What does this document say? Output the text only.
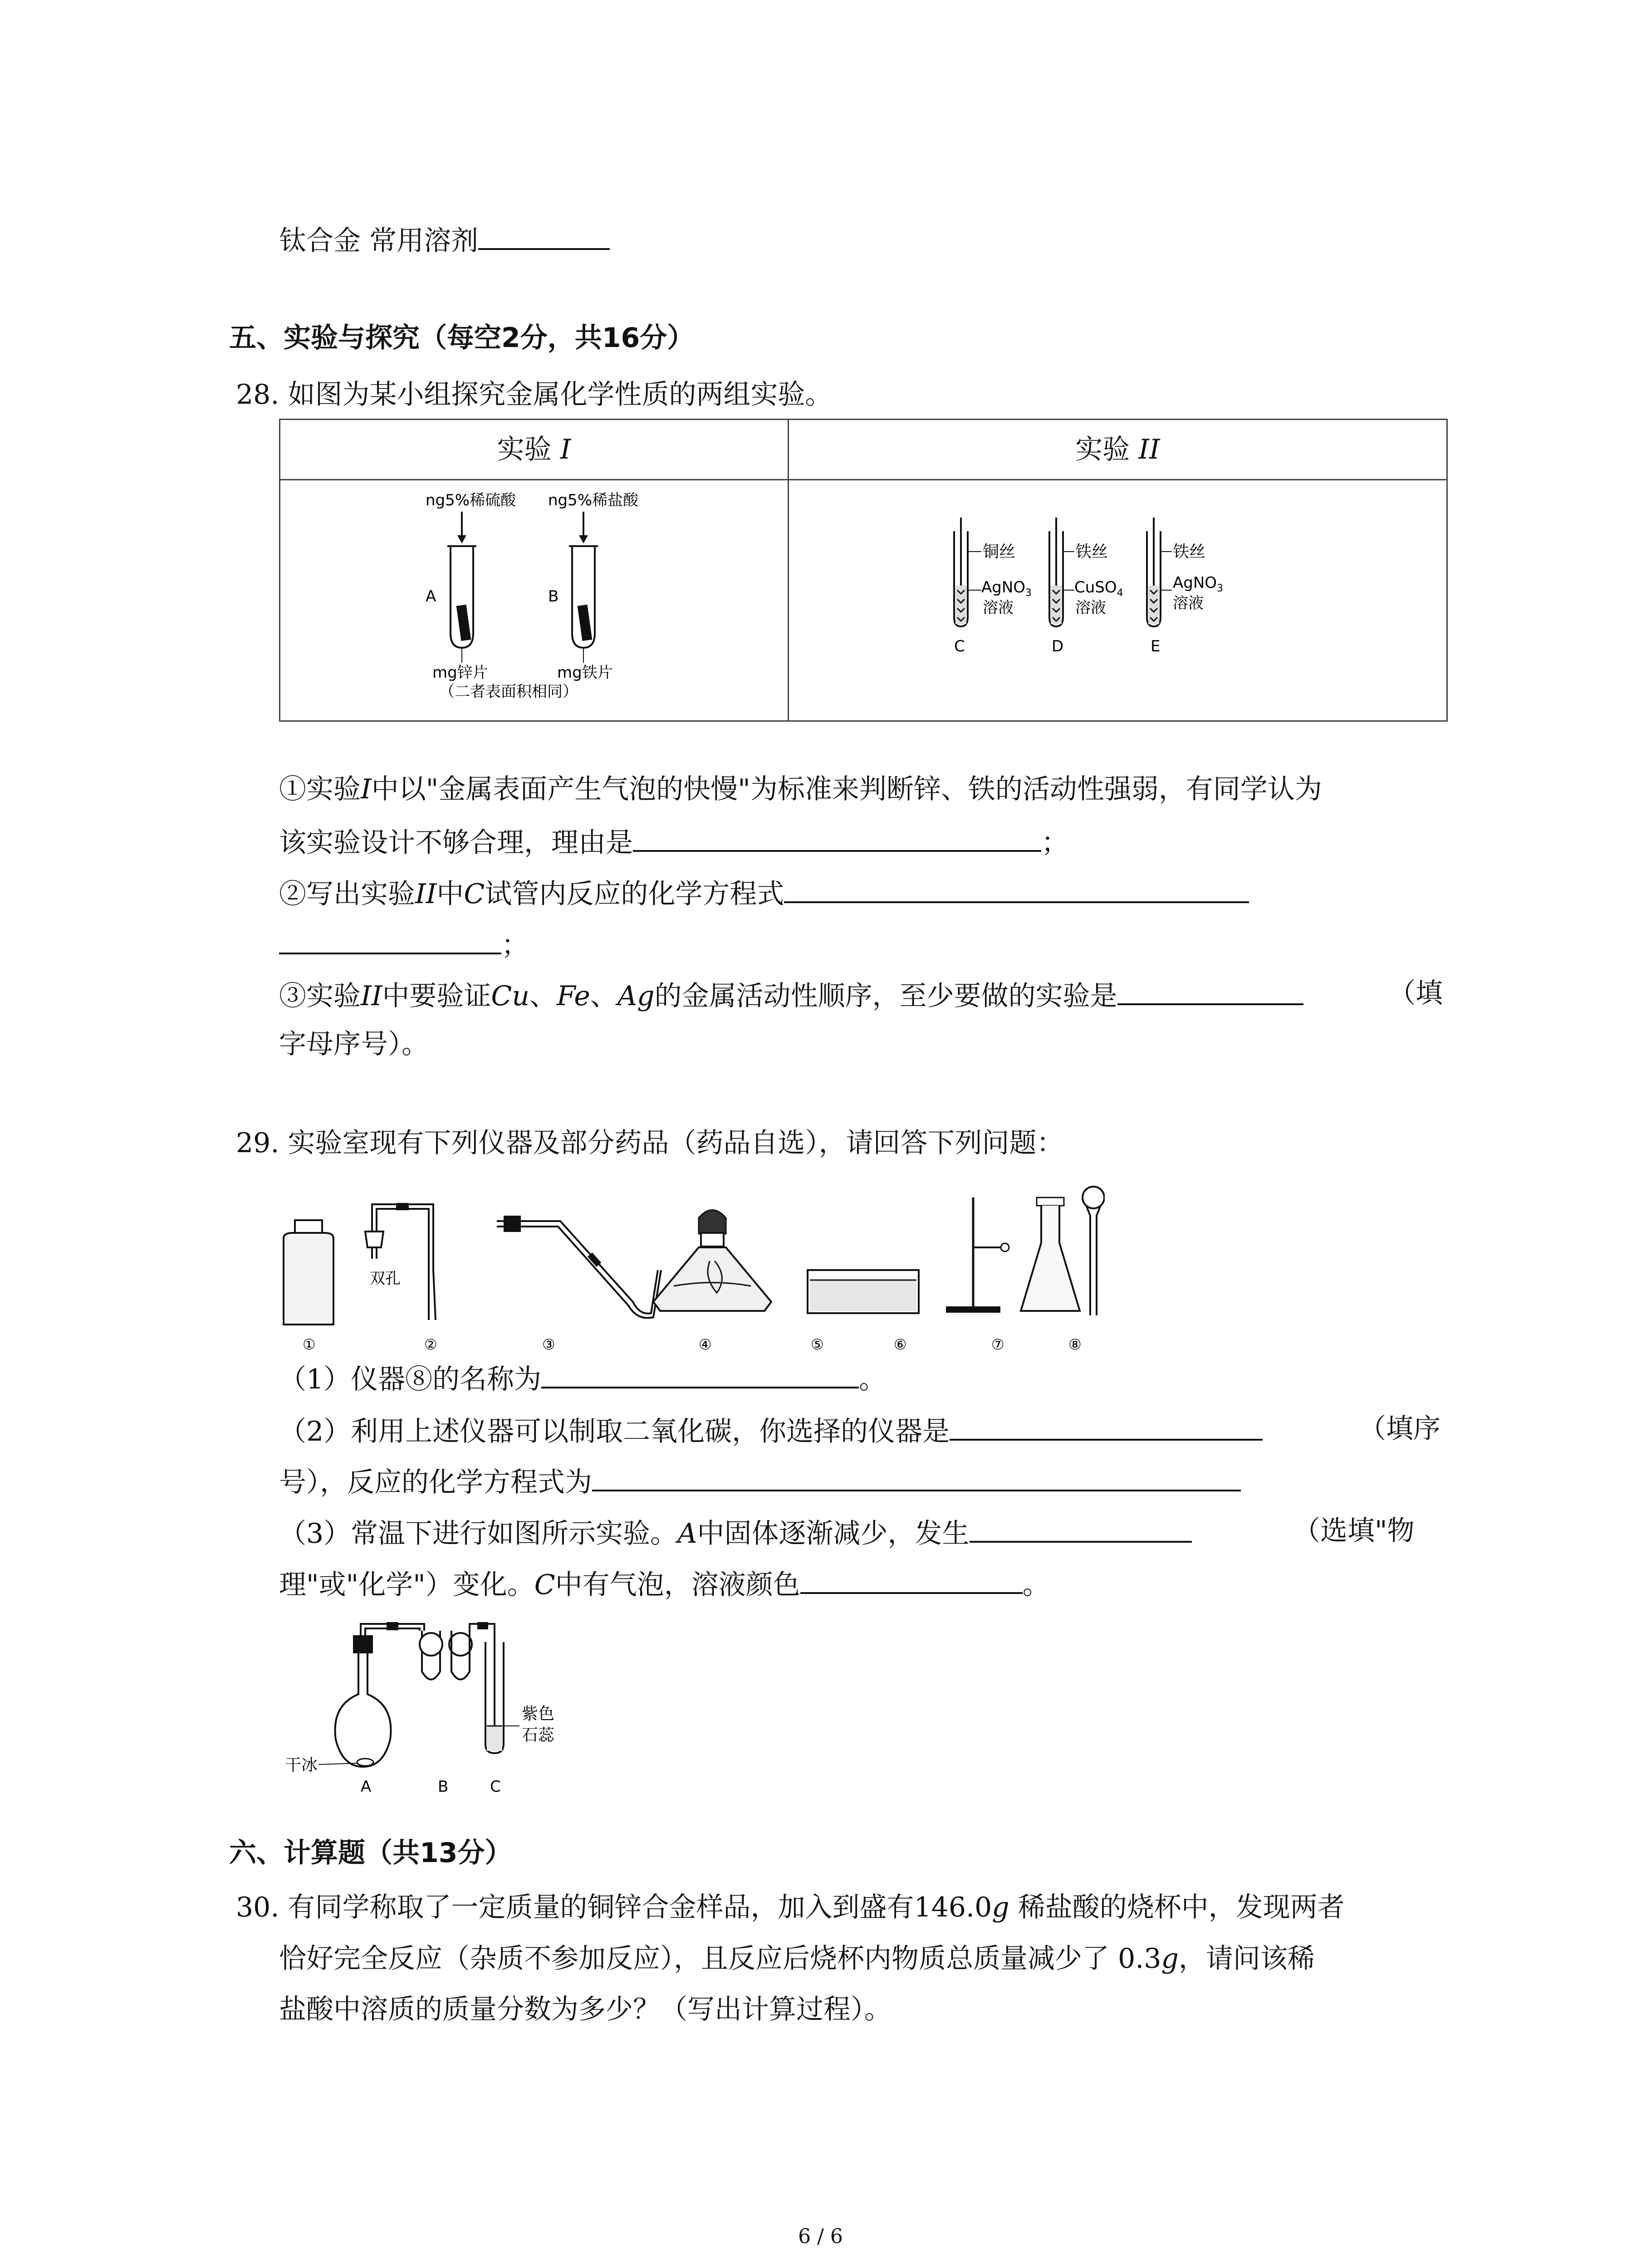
钛合金 常用溶剂
五、实验与探究（每空2分，共16分）
28. 如图为某小组探究金属化学性质的两组实验。
实验 I	实验 II
ng5%稀硫酸 ng5%稀盐酸
A	B
mg锌片	mg铁片
（二者表面积相同）
铜丝
AgNO$_3$
溶液
C
铁丝
CuSO$_4$
溶液
D
铁丝
AgNO$_3$
溶液
E
①实验I中以"金属表面产生气泡的快慢"为标准来判断锌、铁的活动性强弱，有同学认为
该实验设计不够合理，理由是	；
②写出实验II中C试管内反应的化学方程式
；
③实验II中要验证Cu、Fe、Ag的金属活动性顺序，至少要做的实验是	（填
字母序号）。
29. 实验室现有下列仪器及部分药品（药品自选），请回答下列问题：
双孔
①	②	③	④	⑤	⑥	⑦	⑧
（1）仪器⑧的名称为	。
（2）利用上述仪器可以制取二氧化碳，你选择的仪器是	（填序
号），反应的化学方程式为
（3）常温下进行如图所示实验。A中固体逐渐减少，发生	（选填"物
理"或"化学"）变化。C中有气泡，溶液颜色	。
紫色
石蕊
干冰
A	B	C
六、计算题（共13分）
30. 有同学称取了一定质量的铜锌合金样品，加入到盛有146.0g 稀盐酸的烧杯中，发现两者
恰好完全反应（杂质不参加反应），且反应后烧杯内物质总质量减少了 0.3g，请问该稀
盐酸中溶质的质量分数为多少？（写出计算过程）。
6 / 6
